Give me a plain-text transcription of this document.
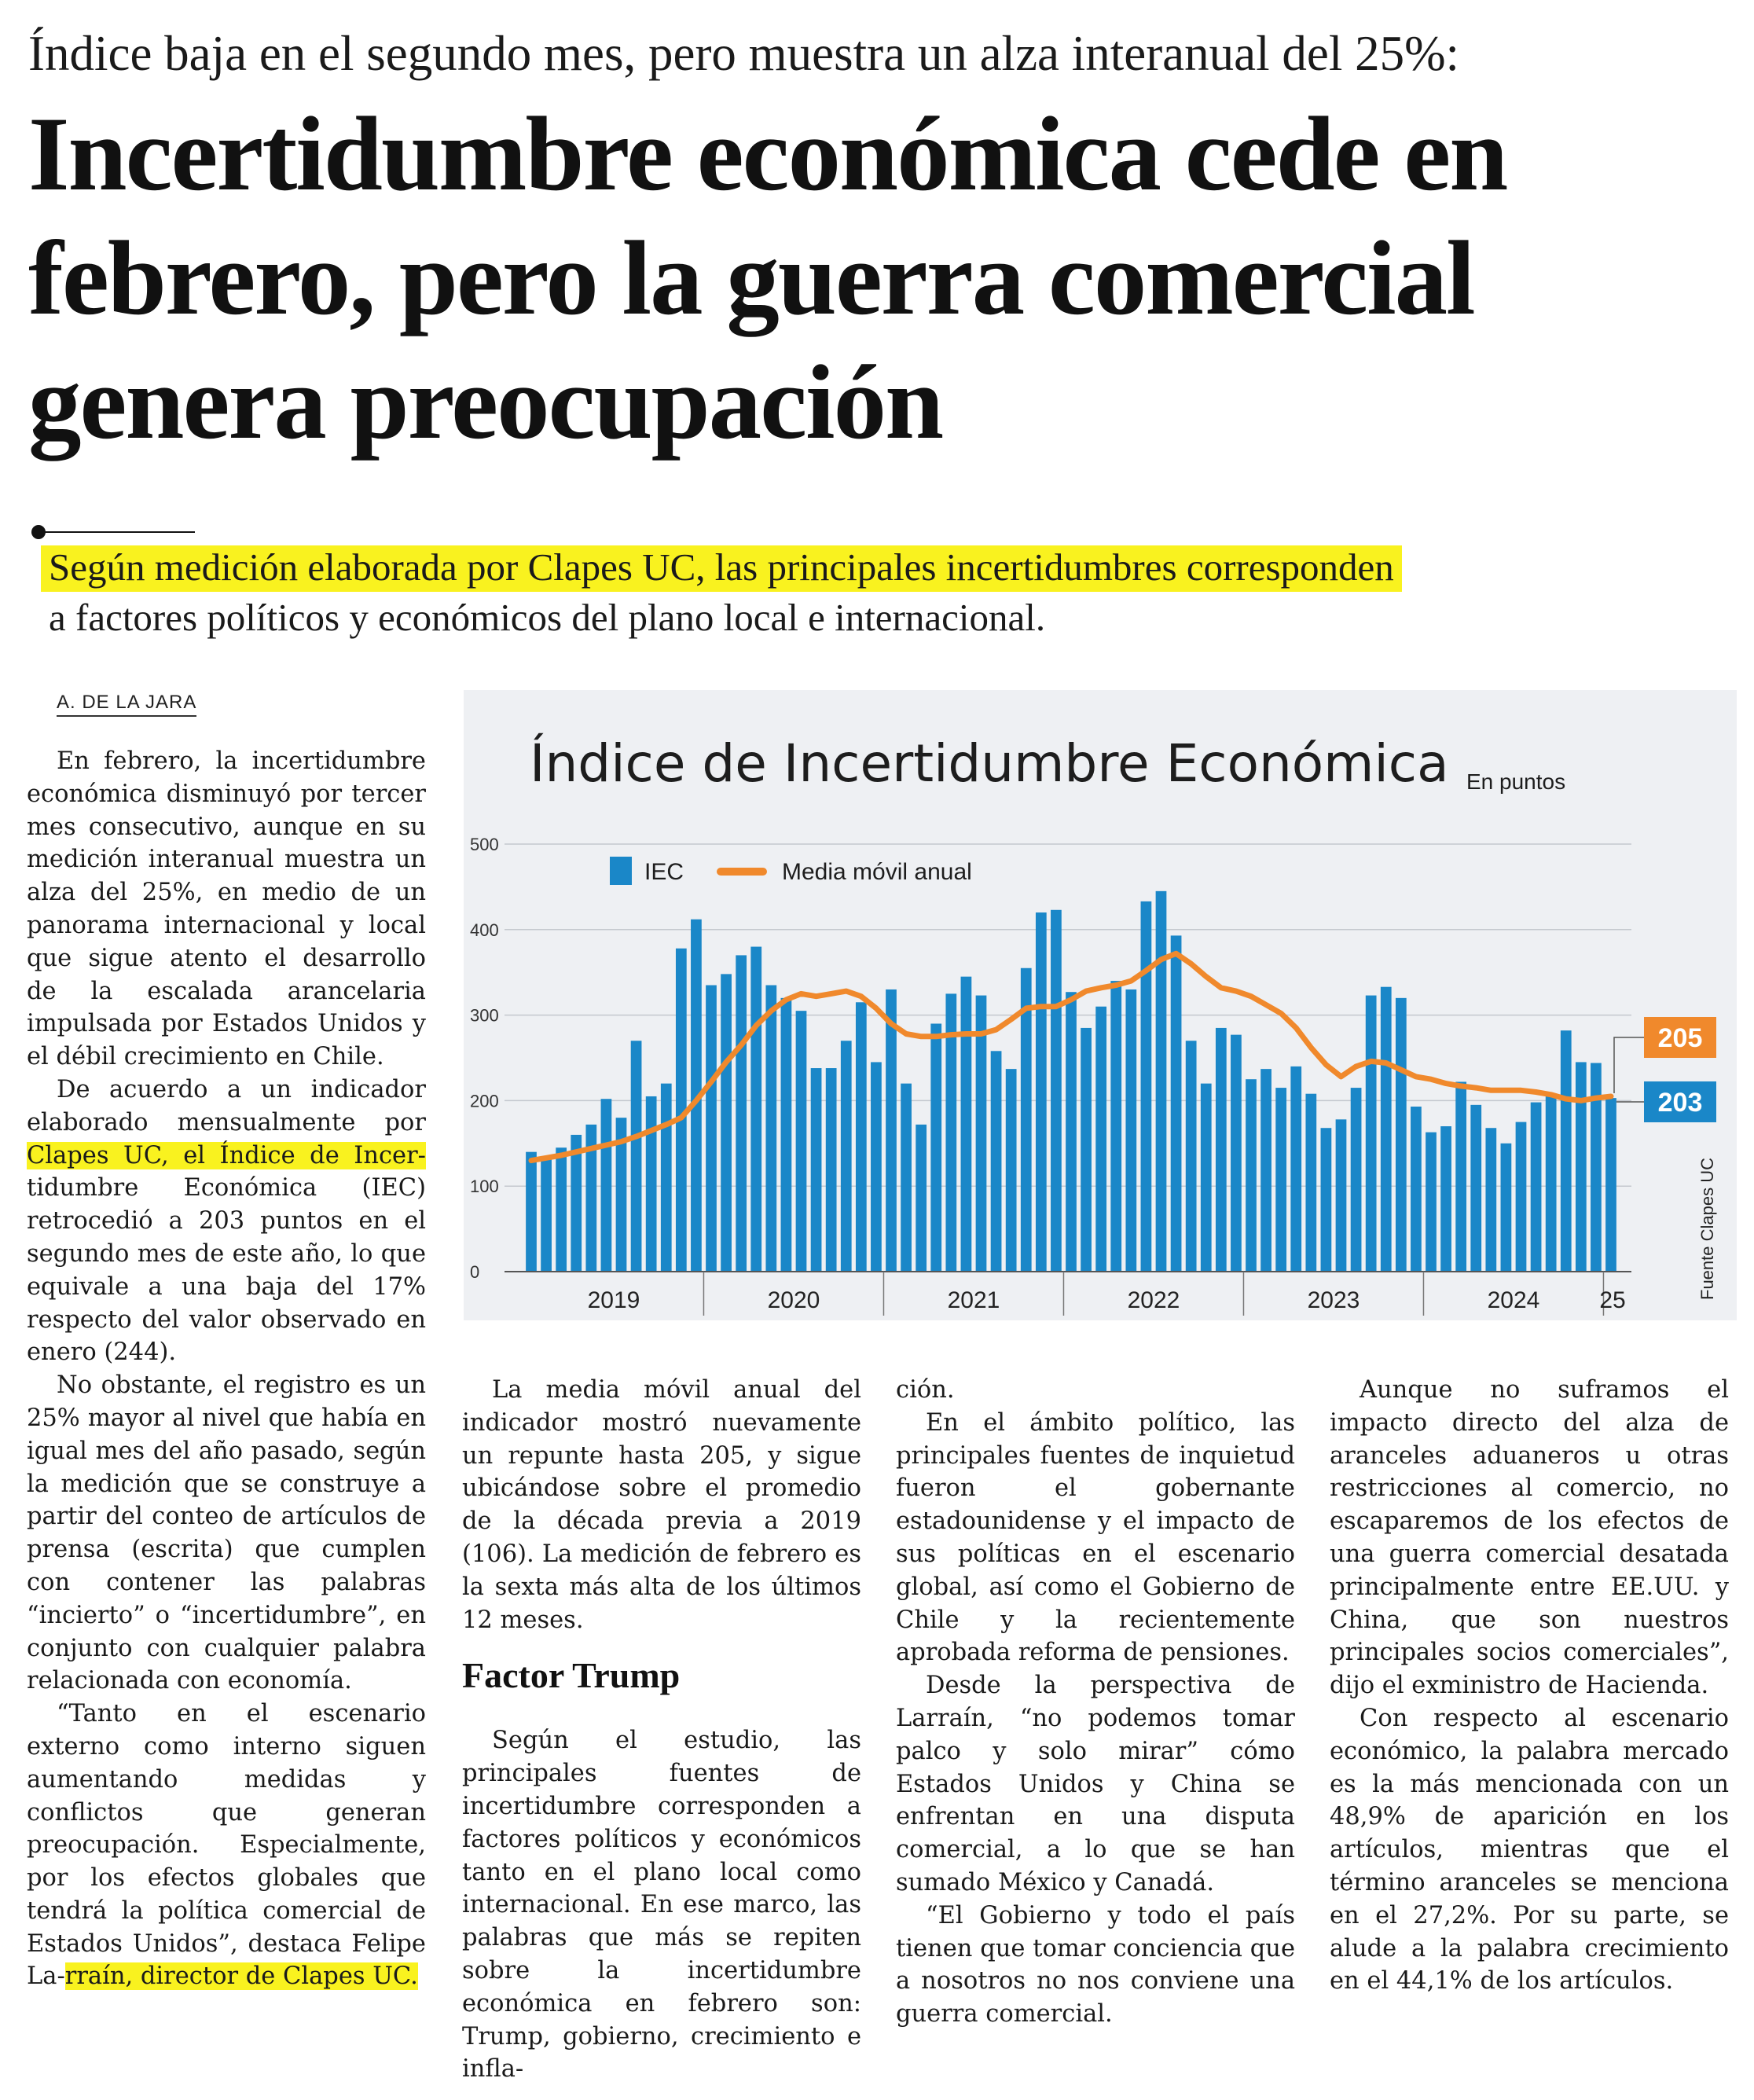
Índice baja en el segundo mes, pero muestra un alza interanual del 25%:
Incertidumbre económica cede en
febrero, pero la guerra comercial
genera preocupación
Según medición elaborada por Clapes UC, las principales incertidumbres corresponden
a factores políticos y económicos del plano local e internacional.
A. DE LA JARA

En febrero, la incertidumbre económica disminuyó por tercer mes consecutivo, aunque en su medición interanual muestra un alza del 25%, en medio de un panorama internacional y local que sigue atento el desarrollo de la escalada arancelaria impulsada por Estados Unidos y el débil crecimiento en Chile.

De acuerdo a un indicador elaborado mensualmente por Clapes UC, el Índice de Incer-tidumbre Económica (IEC) retrocedió a 203 puntos en el segundo mes de este año, lo que equivale a una baja del 17% respecto del valor observado en enero (244).

No obstante, el registro es un 25% mayor al nivel que había en igual mes del año pasado, según la medición que se construye a partir del conteo de artículos de prensa (escrita) que cumplen con contener las palabras “incierto” o “incertidumbre”, en conjunto con cualquier palabra relacionada con economía.

“Tanto en el escenario externo como interno siguen aumentando medidas y conflictos que generan preocupación. Especialmente, por los efectos globales que tendrá la política comercial de Estados Unidos”, destaca Felipe La-rraín, director de Clapes UC.

La media móvil anual del indicador mostró nuevamente un repunte hasta 205, y sigue ubicándose sobre el promedio de la década previa a 2019 (106). La medición de febrero es la sexta más alta de los últimos 12 meses.

Factor Trump

Según el estudio, las principales fuentes de incertidumbre corresponden a factores políticos y económicos tanto en el plano local como internacional. En ese marco, las palabras que más se repiten sobre la incertidumbre económica en febrero son: Trump, gobierno, crecimiento e infla-

ción.

En el ámbito político, las principales fuentes de inquietud fueron el gobernante estadounidense y el impacto de sus políticas en el escenario global, así como el Gobierno de Chile y la recientemente aprobada reforma de pensiones.

Desde la perspectiva de Larraín, “no podemos tomar palco y solo mirar” cómo Estados Unidos y China se enfrentan en una disputa comercial, a lo que se han sumado México y Canadá.

“El Gobierno y todo el país tienen que tomar conciencia que a nosotros no nos conviene una guerra comercial.

Aunque no suframos el impacto directo del alza de aranceles aduaneros u otras restricciones al comercio, no escaparemos de los efectos de una guerra comercial desatada principalmente entre EE.UU. y China, que son nuestros principales socios comerciales”, dijo el exministro de Hacienda.

Con respecto al escenario económico, la palabra mercado es la más mencionada con un 48,9% de aparición en los artículos, mientras que el término aranceles se menciona en el 27,2%. Por su parte, se alude a la palabra crecimiento en el 44,1% de los artículos.

Índice de Incertidumbre Económica En puntos
0
100
200
300
400
500
2019	2020	2021	2022	2023	2024	25
IEC	Media móvil anual
205
203
Fuente Clapes UC
